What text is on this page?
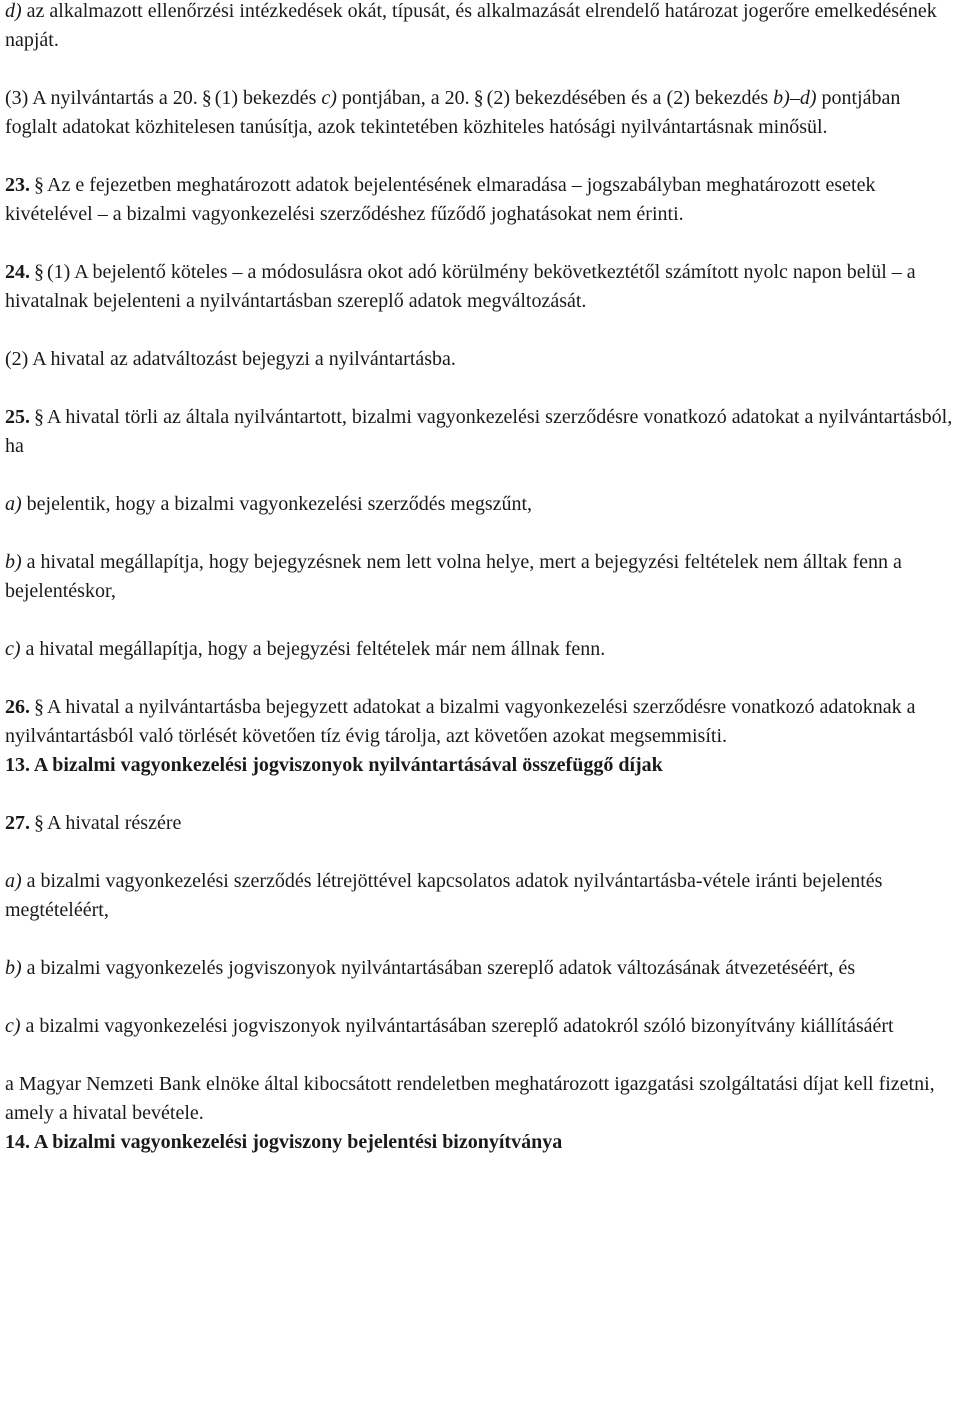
d) az alkalmazott ellenőrzési intézkedések okát, típusát, és alkalmazását elrendelő határozat jogerőre emelkedésének napját.

(3) A nyilvántartás a 20. § (1) bekezdés c) pontjában, a 20. § (2) bekezdésében és a (2) bekezdés b)–d) pontjában foglalt adatokat közhitelesen tanúsítja, azok tekintetében közhiteles hatósági nyilvántartásnak minősül.

23. § Az e fejezetben meghatározott adatok bejelentésének elmaradása – jogszabályban meghatározott esetek kivételével – a bizalmi vagyonkezelési szerződéshez fűződő joghatásokat nem érinti.

24. § (1) A bejelentő köteles – a módosulásra okot adó körülmény bekövetkeztétől számított nyolc napon belül – a hivatalnak bejelenteni a nyilvántartásban szereplő adatok megváltozását.

(2) A hivatal az adatváltozást bejegyzi a nyilvántartásba.

25. § A hivatal törli az általa nyilvántartott, bizalmi vagyonkezelési szerződésre vonatkozó adatokat a nyilvántartásból, ha

a) bejelentik, hogy a bizalmi vagyonkezelési szerződés megszűnt,

b) a hivatal megállapítja, hogy bejegyzésnek nem lett volna helye, mert a bejegyzési feltételek nem álltak fenn a bejelentéskor,

c) a hivatal megállapítja, hogy a bejegyzési feltételek már nem állnak fenn.

26. § A hivatal a nyilvántartásba bejegyzett adatokat a bizalmi vagyonkezelési szerződésre vonatkozó adatoknak a nyilvántartásból való törlését követően tíz évig tárolja, azt követően azokat megsemmisíti.

13. A bizalmi vagyonkezelési jogviszonyok nyilvántartásával összefüggő díjak

27. § A hivatal részére

a) a bizalmi vagyonkezelési szerződés létrejöttével kapcsolatos adatok nyilvántartásba-vétele iránti bejelentés megtételéért,

b) a bizalmi vagyonkezelés jogviszonyok nyilvántartásában szereplő adatok változásának átvezetéséért, és

c) a bizalmi vagyonkezelési jogviszonyok nyilvántartásában szereplő adatokról szóló bizonyítvány kiállításáért

a Magyar Nemzeti Bank elnöke által kibocsátott rendeletben meghatározott igazgatási szolgáltatási díjat kell fizetni, amely a hivatal bevétele.

14. A bizalmi vagyonkezelési jogviszony bejelentési bizonyítványa
